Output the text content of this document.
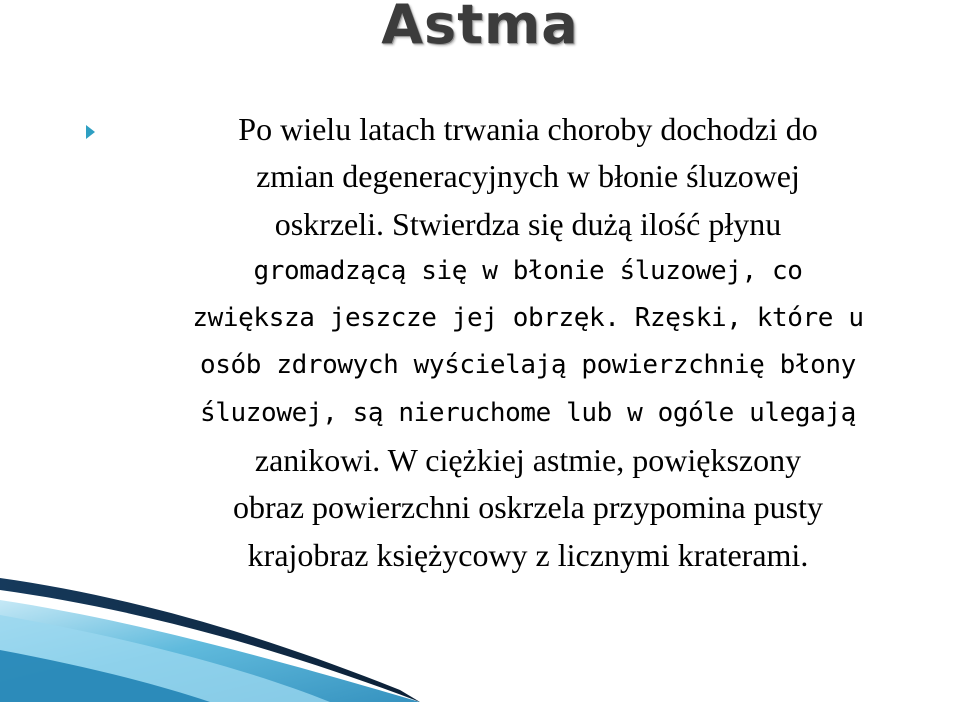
Astma
Po wielu latach trwania choroby dochodzi do
zmian degeneracyjnych w błonie śluzowej
oskrzeli. Stwierdza się dużą ilość płynu
gromadzącą się w błonie śluzowej, co
zwiększa jeszcze jej obrzęk. Rzęski, które u
osób zdrowych wyścielają powierzchnię błony
śluzowej, są nieruchome lub w ogóle ulegają
zanikowi. W ciężkiej astmie, powiększony
obraz powierzchni oskrzela przypomina pusty
krajobraz księżycowy z licznymi kraterami.
